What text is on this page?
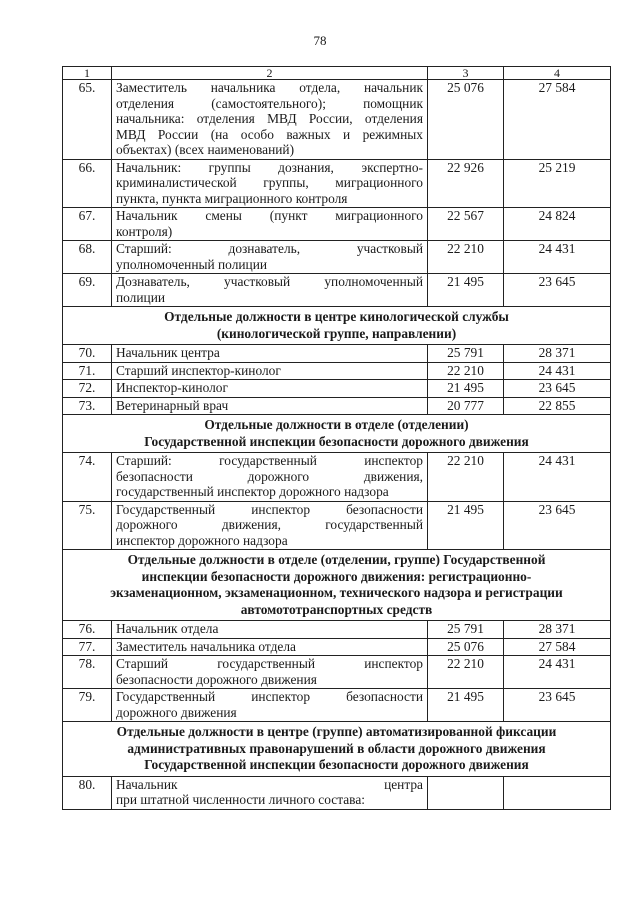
78
1	2	3	4
65.	Заместитель начальника отдела, начальник
отделения (самостоятельного); помощник
начальника: отделения МВД России, отделения
МВД России (на особо важных и режимных
объектах) (всех наименований)	25 076	27 584
66.	Начальник: группы дознания, экспертно-
криминалистической группы, миграционного
пункта, пункта миграционного контроля	22 926	25 219
67.	Начальник смены (пункт миграционного
контроля)	22 567	24 824
68.	Старший: дознаватель, участковый
уполномоченный полиции	22 210	24 431
69.	Дознаватель, участковый уполномоченный
полиции	21 495	23 645
Отдельные должности в центре кинологической службы
(кинологической группе, направлении)			
70.	Начальник центра	25 791	28 371
71.	Старший инспектор-кинолог	22 210	24 431
72.	Инспектор-кинолог	21 495	23 645
73.	Ветеринарный врач	20 777	22 855
Отдельные должности в отделе (отделении)
Государственной инспекции безопасности дорожного движения			
74.	Старший: государственный инспектор
безопасности дорожного движения,
государственный инспектор дорожного надзора	22 210	24 431
75.	Государственный инспектор безопасности
дорожного движения, государственный
инспектор дорожного надзора	21 495	23 645
Отдельные должности в отделе (отделении, группе) Государственной
инспекции безопасности дорожного движения: регистрационно-
экзаменационном, экзаменационном, технического надзора и регистрации
автомототранспортных средств			
76.	Начальник отдела	25 791	28 371
77.	Заместитель начальника отдела	25 076	27 584
78.	Старший государственный инспектор
безопасности дорожного движения	22 210	24 431
79.	Государственный инспектор безопасности
дорожного движения	21 495	23 645
Отдельные должности в центре (группе) автоматизированной фиксации
административных правонарушений в области дорожного движения
Государственной инспекции безопасности дорожного движения			
80.	Начальник центра
при штатной численности личного состава:		
